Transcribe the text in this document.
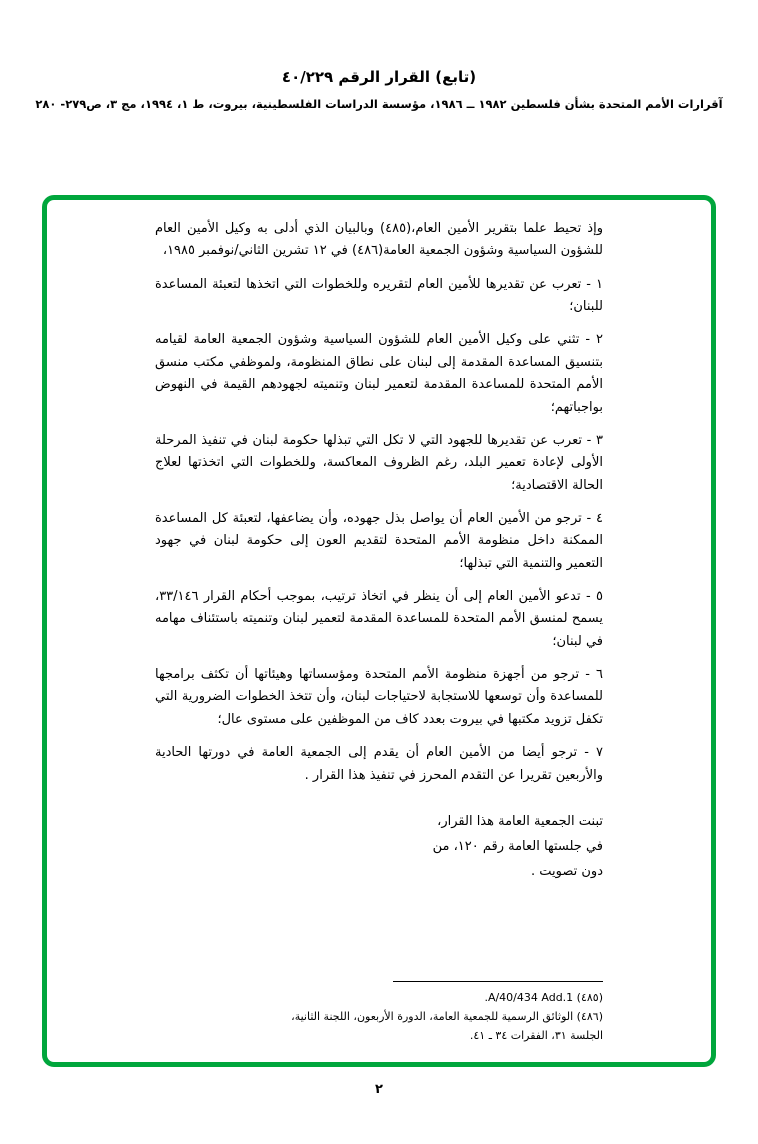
(تابع) القرار الرقم ٤٠/٢٢٩
آقرارات الأمم المتحدة بشأن فلسطين ١٩٨٢ ــ ١٩٨٦، مؤسسة الدراسات الفلسطينية، بيروت، ط ١، ١٩٩٤، مج ٣، ص٢٧٩- ٢٨٠

وإذ تحيط علما بتقرير الأمين العام،(٤٨٥) وبالبيان الذي أدلى به وكيل الأمين العام للشؤون السياسية وشؤون الجمعية العامة(٤٨٦) في ١٢ تشرين الثاني/نوفمبر ١٩٨٥،

١ - تعرب عن تقديرها للأمين العام لتقريره وللخطوات التي اتخذها لتعبئة المساعدة للبنان؛

٢ - تثني على وكيل الأمين العام للشؤون السياسية وشؤون الجمعية العامة لقيامه بتنسيق المساعدة المقدمة إلى لبنان على نطاق المنظومة، ولموظفي مكتب منسق الأمم المتحدة للمساعدة المقدمة لتعمير لبنان وتنميته لجهودهم القيمة في النهوض بواجباتهم؛

٣ - تعرب عن تقديرها للجهود التي لا تكل التي تبذلها حكومة لبنان في تنفيذ المرحلة الأولى لإعادة تعمير البلد، رغم الظروف المعاكسة، وللخطوات التي اتخذتها لعلاج الحالة الاقتصادية؛

٤ - ترجو من الأمين العام أن يواصل بذل جهوده، وأن يضاعفها، لتعبئة كل المساعدة الممكنة داخل منظومة الأمم المتحدة لتقديم العون إلى حكومة لبنان في جهود التعمير والتنمية التي تبذلها؛

٥ - تدعو الأمين العام إلى أن ينظر في اتخاذ ترتيب، بموجب أحكام القرار ٣٣/١٤٦، يسمح لمنسق الأمم المتحدة للمساعدة المقدمة لتعمير لبنان وتنميته باستئناف مهامه في لبنان؛

٦ - ترجو من أجهزة منظومة الأمم المتحدة ومؤسساتها وهيئاتها أن تكثف برامجها للمساعدة وأن توسعها للاستجابة لاحتياجات لبنان، وأن تتخذ الخطوات الضرورية التي تكفل تزويد مكتبها في بيروت بعدد كاف من الموظفين على مستوى عال؛

٧ - ترجو أيضا من الأمين العام أن يقدم إلى الجمعية العامة في دورتها الحادية والأربعين تقريرا عن التقدم المحرز في تنفيذ هذا القرار .

تبنت الجمعية العامة هذا القرار،

في جلستها العامة رقم ١٢٠، من

دون تصويت .

(٤٨٥) A/40/434 Add.1.

(٤٨٦) الوثائق الرسمية للجمعية العامة، الدورة الأربعون، اللجنة الثانية،

الجلسة ٣١، الفقرات ٣٤ ـ ٤١.

٢
